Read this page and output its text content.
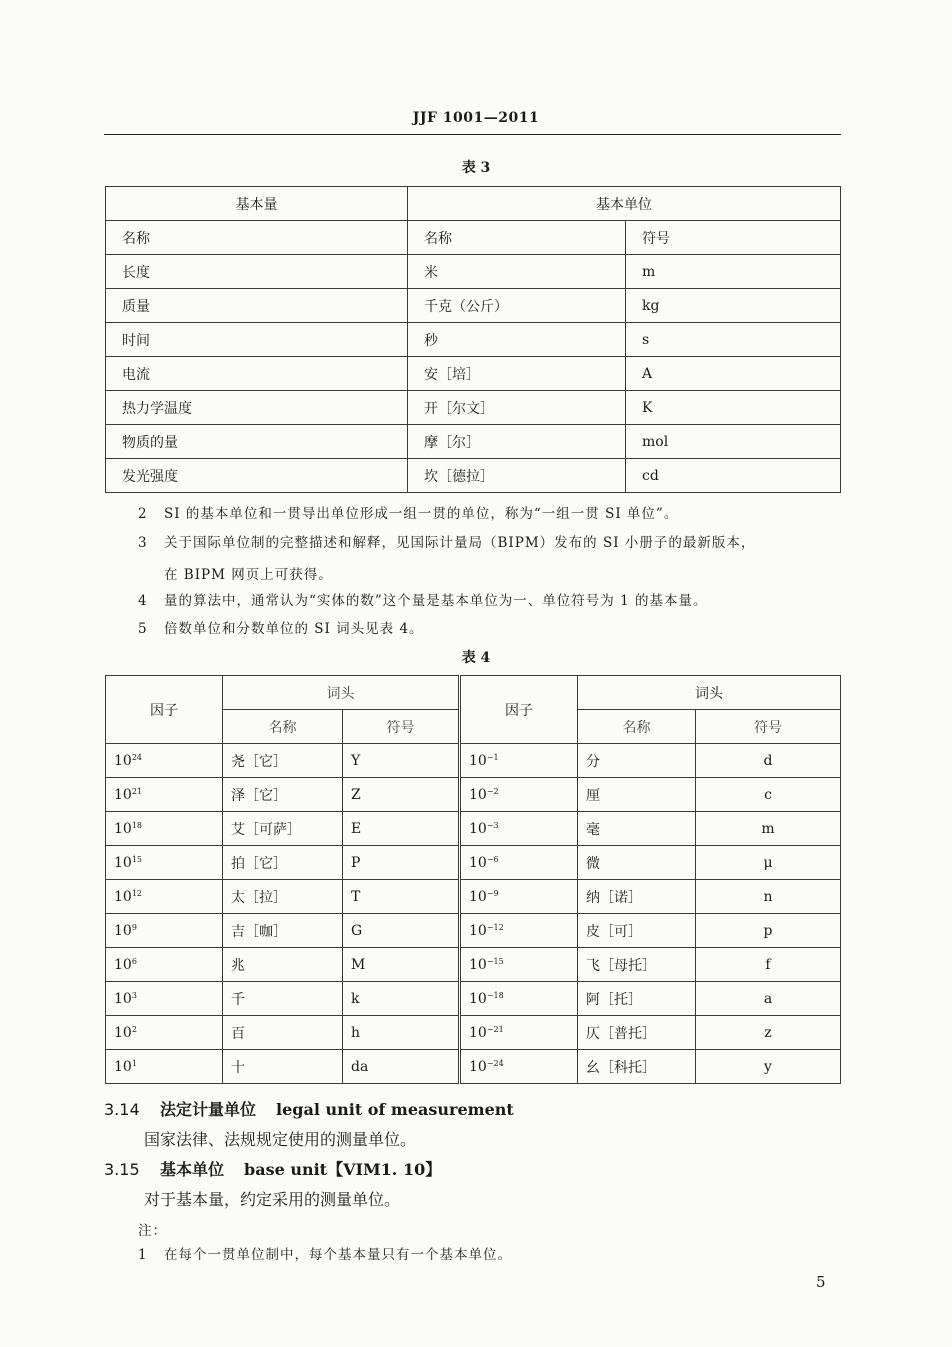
JJF 1001—2011
表 3
基本量	基本单位	
名称	名称	符号
长度	米	m
质量	千克（公斤）	kg
时间	秒	s
电流	安［培］	A
热力学温度	开［尔文］	K
物质的量	摩［尔］	mol
发光强度	坎［德拉］	cd
2 SI 的基本单位和一贯导出单位形成一组一贯的单位，称为“一组一贯 SI 单位”。
3 关于国际单位制的完整描述和解释，见国际计量局（BIPM）发布的 SI 小册子的最新版本，
在 BIPM 网页上可获得。
4 量的算法中，通常认为“实体的数”这个量是基本单位为一、单位符号为 1 的基本量。
5 倍数单位和分数单位的 SI 词头见表 4。
表 4
因子	词头		因子	词头	
	名称	符号		名称	符号
$10^{24}$	尧［它］	Y	$10^{-1}$	分	d
$10^{21}$	泽［它］	Z	$10^{-2}$	厘	c
$10^{18}$	艾［可萨］	E	$10^{-3}$	毫	m
$10^{15}$	拍［它］	P	$10^{-6}$	微	μ
$10^{12}$	太［拉］	T	$10^{-9}$	纳［诺］	n
$10^9$	吉［咖］	G	$10^{-12}$	皮［可］	p
$10^6$	兆	M	$10^{-15}$	飞［母托］	f
$10^3$	千	k	$10^{-18}$	阿［托］	a
$10^2$	百	h	$10^{-21}$	仄［普托］	z
$10^1$	十	da	$10^{-24}$	幺［科托］	y
3.14 法定计量单位 legal unit of measurement
国家法律、法规规定使用的测量单位。
3.15 基本单位 base unit【VIM1. 10】
对于基本量，约定采用的测量单位。
注：
1 在每个一贯单位制中，每个基本量只有一个基本单位。
5
